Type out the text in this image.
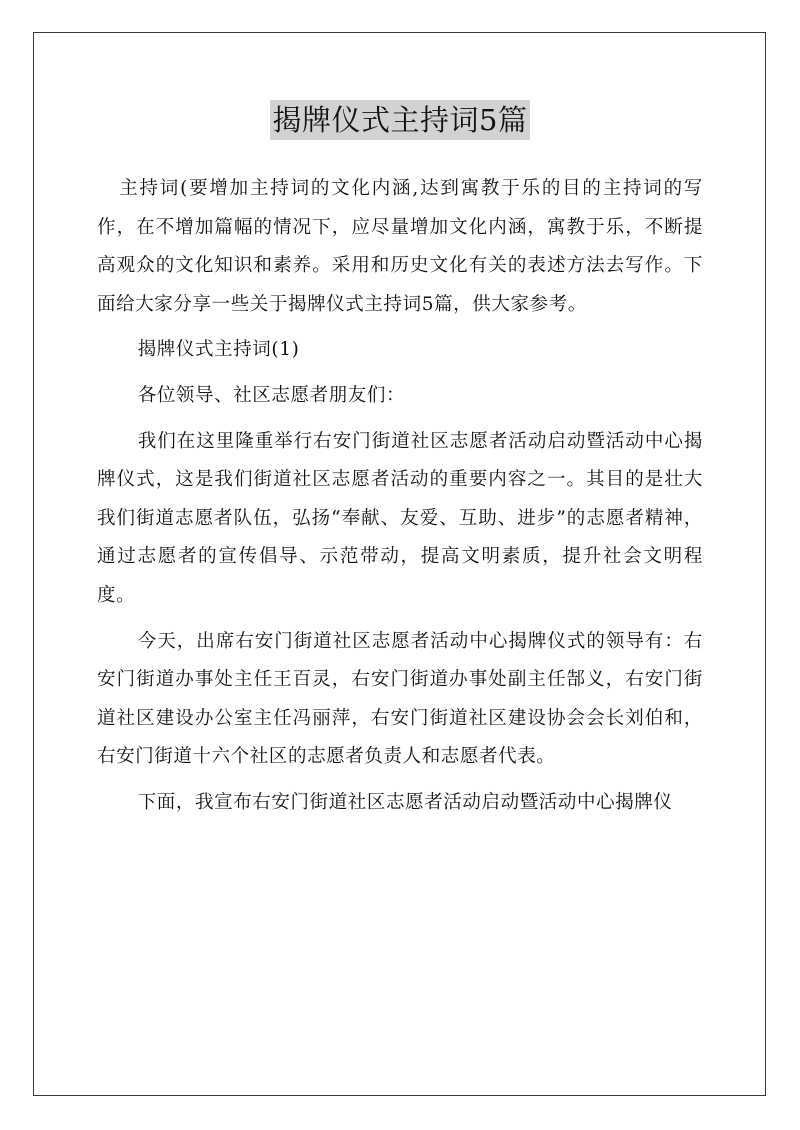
揭牌仪式主持词5篇

主持词(要增加主持词的文化内涵,达到寓教于乐的目的主持词的写作，在不增加篇幅的情况下，应尽量增加文化内涵，寓教于乐，不断提高观众的文化知识和素养。采用和历史文化有关的表述方法去写作。下面给大家分享一些关于揭牌仪式主持词5篇，供大家参考。

揭牌仪式主持词(1)

各位领导、社区志愿者朋友们：

我们在这里隆重举行右安门街道社区志愿者活动启动暨活动中心揭牌仪式，这是我们街道社区志愿者活动的重要内容之一。其目的是壮大我们街道志愿者队伍，弘扬“奉献、友爱、互助、进步”的志愿者精神，通过志愿者的宣传倡导、示范带动，提高文明素质，提升社会文明程度。

今天，出席右安门街道社区志愿者活动中心揭牌仪式的领导有：右安门街道办事处主任王百灵，右安门街道办事处副主任郜义，右安门街道社区建设办公室主任冯丽萍，右安门街道社区建设协会会长刘伯和，右安门街道十六个社区的志愿者负责人和志愿者代表。

下面，我宣布右安门街道社区志愿者活动启动暨活动中心揭牌仪
